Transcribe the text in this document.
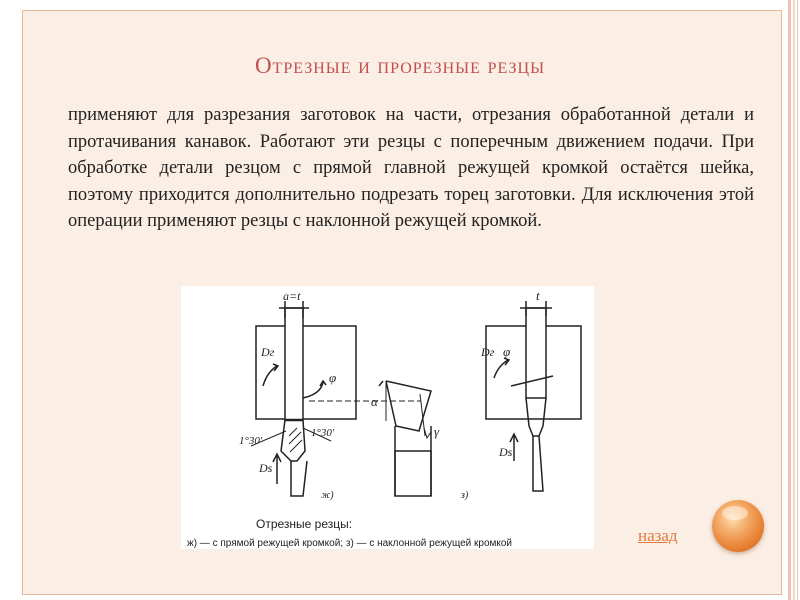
Отрезные и прорезные резцы

применяют для разрезания заготовок на части, отрезания обработанной детали и протачивания канавок. Работают эти резцы с поперечным движением подачи. При обработке детали резцом с прямой главной режущей кромкой остаётся шейка, поэтому приходится дополнительно подрезать торец заготовки. Для исключения этой операции применяют резцы с наклонной режущей кромкой.

a=t
Dг
φ
1°30'
1°30'
Ds
ж)
α
γ
t
Dг φ
Ds
з)
Отрезные резцы:
ж) — с прямой режущей кромкой; з) — с наклонной режущей кромкой	назад
